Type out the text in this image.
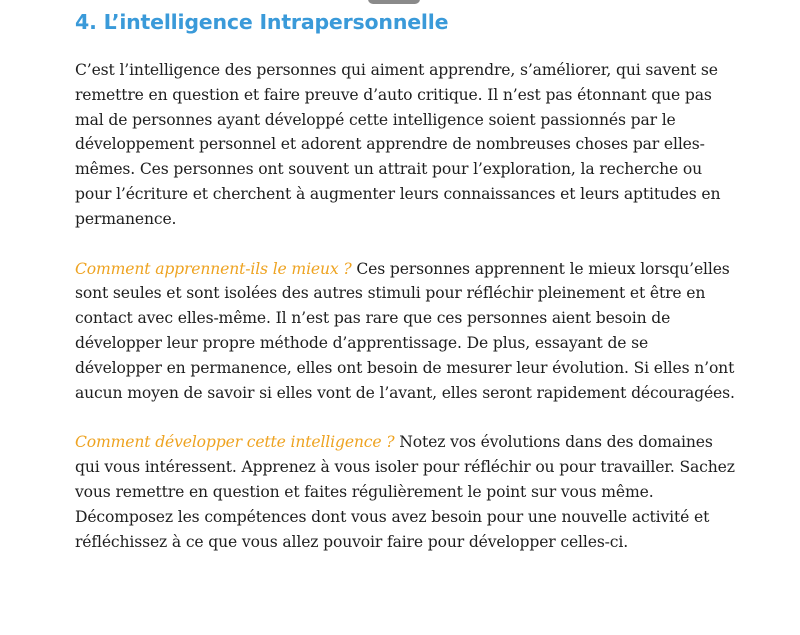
4. L’intelligence Intrapersonnelle

C’est l’intelligence des personnes qui aiment apprendre, s’améliorer, qui savent se remettre en question et faire preuve d’auto critique. Il n’est pas étonnant que pas mal de personnes ayant développé cette intelligence soient passionnés par le développement personnel et adorent apprendre de nombreuses choses par elles-mêmes. Ces personnes ont souvent un attrait pour l’exploration, la recherche ou pour l’écriture et cherchent à augmenter leurs connaissances et leurs aptitudes en permanence.

Comment apprennent-ils le mieux ? Ces personnes apprennent le mieux lorsqu’elles sont seules et sont isolées des autres stimuli pour réfléchir pleinement et être en contact avec elles-même. Il n’est pas rare que ces personnes aient besoin de développer leur propre méthode d’apprentissage. De plus, essayant de se développer en permanence, elles ont besoin de mesurer leur évolution. Si elles n’ont aucun moyen de savoir si elles vont de l’avant, elles seront rapidement découragées.

Comment développer cette intelligence ? Notez vos évolutions dans des domaines qui vous intéressent. Apprenez à vous isoler pour réfléchir ou pour travailler. Sachez vous remettre en question et faites régulièrement le point sur vous même. Décomposez les compétences dont vous avez besoin pour une nouvelle activité et réfléchissez à ce que vous allez pouvoir faire pour développer celles-ci.
